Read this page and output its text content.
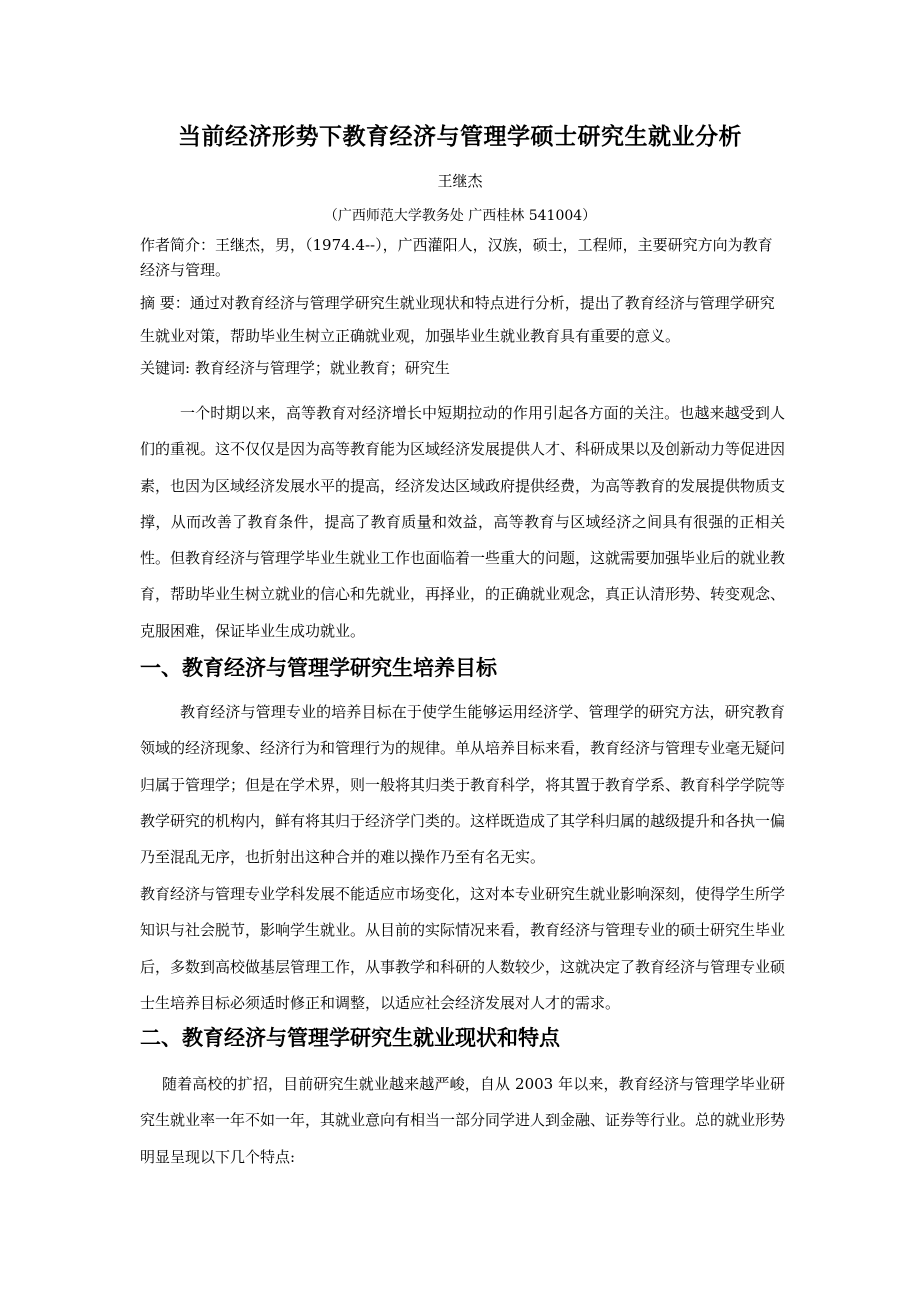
当前经济形势下教育经济与管理学硕士研究生就业分析
王继杰
（广西师范大学教务处 广西桂林 541004）
作者简介：王继杰，男，（1974.4--），广西灌阳人，汉族，硕士，工程师，主要研究方向为教育经济与管理。
摘 要：通过对教育经济与管理学研究生就业现状和特点进行分析，提出了教育经济与管理学研究生就业对策，帮助毕业生树立正确就业观，加强毕业生就业教育具有重要的意义。
关键词: 教育经济与管理学；就业教育；研究生
一个时期以来，高等教育对经济增长中短期拉动的作用引起各方面的关注。也越来越受到人们的重视。这不仅仅是因为高等教育能为区域经济发展提供人才、科研成果以及创新动力等促进因素，也因为区域经济发展水平的提高，经济发达区域政府提供经费，为高等教育的发展提供物质支撑，从而改善了教育条件，提高了教育质量和效益，高等教育与区域经济之间具有很强的正相关性。但教育经济与管理学毕业生就业工作也面临着一些重大的问题，这就需要加强毕业后的就业教育，帮助毕业生树立就业的信心和先就业，再择业，的正确就业观念，真正认清形势、转变观念、克服困难，保证毕业生成功就业。
一、教育经济与管理学研究生培养目标
教育经济与管理专业的培养目标在于使学生能够运用经济学、管理学的研究方法，研究教育领域的经济现象、经济行为和管理行为的规律。单从培养目标来看，教育经济与管理专业毫无疑问归属于管理学；但是在学术界，则一般将其归类于教育科学，将其置于教育学系、教育科学学院等教学研究的机构内，鲜有将其归于经济学门类的。这样既造成了其学科归属的越级提升和各执一偏乃至混乱无序，也折射出这种合并的难以操作乃至有名无实。
教育经济与管理专业学科发展不能适应市场变化，这对本专业研究生就业影响深刻，使得学生所学知识与社会脱节，影响学生就业。从目前的实际情况来看，教育经济与管理专业的硕士研究生毕业后，多数到高校做基层管理工作，从事教学和科研的人数较少，这就决定了教育经济与管理专业硕士生培养目标必须适时修正和调整，以适应社会经济发展对人才的需求。
二、教育经济与管理学研究生就业现状和特点
随着高校的扩招，目前研究生就业越来越严峻，自从 2003 年以来，教育经济与管理学毕业研究生就业率一年不如一年，其就业意向有相当一部分同学进人到金融、证券等行业。总的就业形势明显呈现以下几个特点:
